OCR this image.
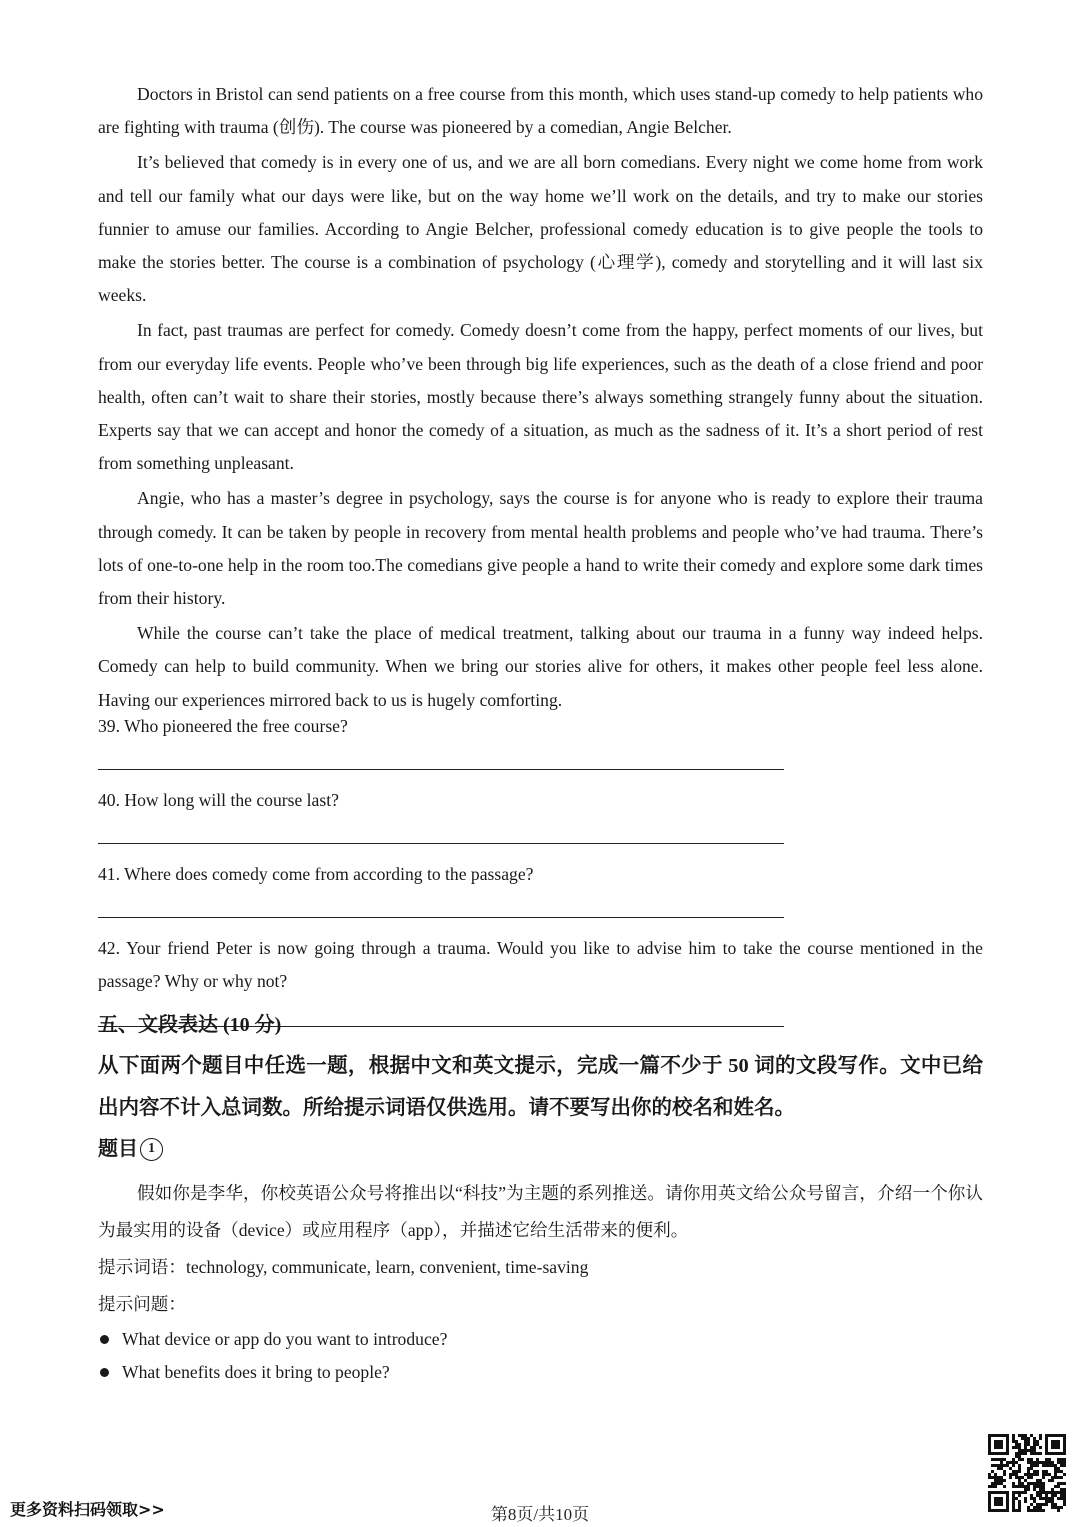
Doctors in Bristol can send patients on a free course from this month, which uses stand-up comedy to help patients who are fighting with trauma (创伤). The course was pioneered by a comedian, Angie Belcher.

It’s believed that comedy is in every one of us, and we are all born comedians. Every night we come home from work and tell our family what our days were like, but on the way home we’ll work on the details, and try to make our stories funnier to amuse our families. According to Angie Belcher, professional comedy education is to give people the tools to make the stories better. The course is a combination of psychology (心理学), comedy and storytelling and it will last six weeks.

In fact, past traumas are perfect for comedy. Comedy doesn’t come from the happy, perfect moments of our lives, but from our everyday life events. People who’ve been through big life experiences, such as the death of a close friend and poor health, often can’t wait to share their stories, mostly because there’s always something strangely funny about the situation. Experts say that we can accept and honor the comedy of a situation, as much as the sadness of it. It’s a short period of rest from something unpleasant.

Angie, who has a master’s degree in psychology, says the course is for anyone who is ready to explore their trauma through comedy. It can be taken by people in recovery from mental health problems and people who’ve had trauma. There’s lots of one-to-one help in the room too.The comedians give people a hand to write their comedy and explore some dark times from their history.

While the course can’t take the place of medical treatment, talking about our trauma in a funny way indeed helps. Comedy can help to build community. When we bring our stories alive for others, it makes other people feel less alone. Having our experiences mirrored back to us is hugely comforting.

39. Who pioneered the free course?

40. How long will the course last?

41. Where does comedy come from according to the passage?

42. Your friend Peter is now going through a trauma. Would you like to advise him to take the course mentioned in the passage? Why or why not?

五、文段表达 (10 分)

从下面两个题目中任选一题，根据中文和英文提示，完成一篇不少于 50 词的文段写作。文中已给出内容不计入总词数。所给提示词语仅供选用。请不要写出你的校名和姓名。

题目 1

假如你是李华，你校英语公众号将推出以“科技”为主题的系列推送。请你用英文给公众号留言，介绍一个你认为最实用的设备（device）或应用程序（app），并描述它给生活带来的便利。

提示词语：technology, communicate, learn, convenient, time-saving

提示问题：

What device or app do you want to introduce?
What benefits does it bring to people?
更多资料扫码领取>>	第8页/共10页
